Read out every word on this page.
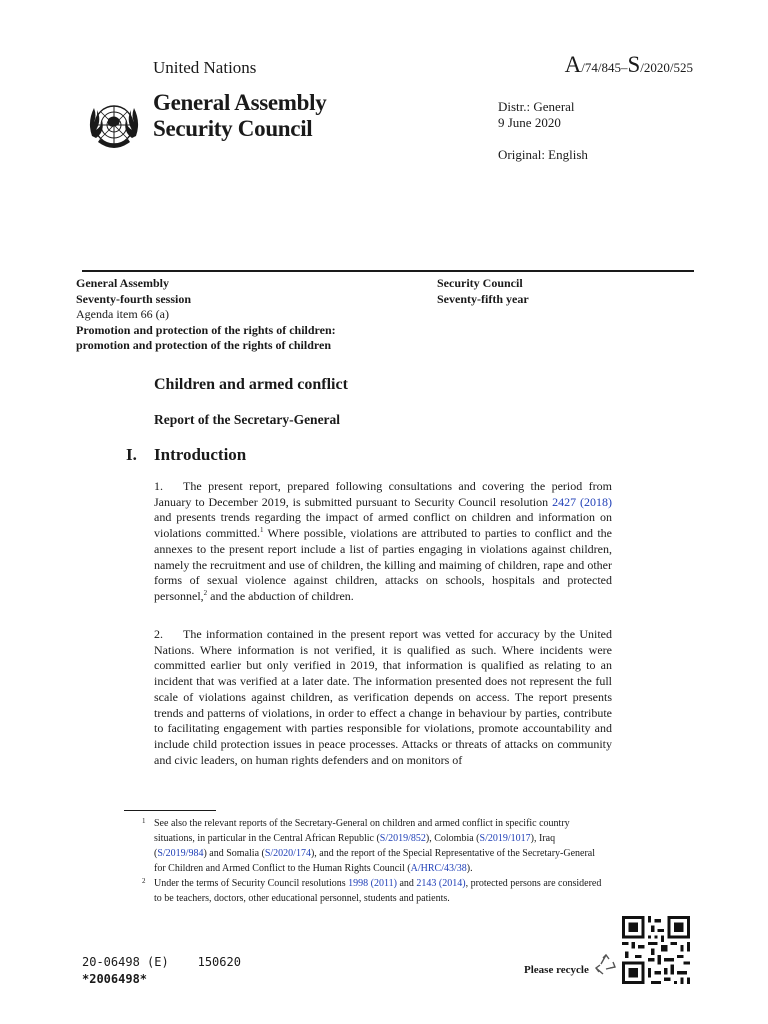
United Nations	A/74/845–S/2020/525
General Assembly
Security Council
Distr.: General
9 June 2020
Original: English
General Assembly
Seventy-fourth session
Agenda item 66 (a)
Promotion and protection of the rights of children:
promotion and protection of the rights of children
Security Council
Seventy-fifth year
Children and armed conflict
Report of the Secretary-General
I. Introduction
1. The present report, prepared following consultations and covering the period from January to December 2019, is submitted pursuant to Security Council resolution 2427 (2018) and presents trends regarding the impact of armed conflict on children and information on violations committed.$^1$ Where possible, violations are attributed to parties to conflict and the annexes to the present report include a list of parties engaging in violations against children, namely the recruitment and use of children, the killing and maiming of children, rape and other forms of sexual violence against children, attacks on schools, hospitals and protected personnel,$^2$ and the abduction of children.
2. The information contained in the present report was vetted for accuracy by the United Nations. Where information is not verified, it is qualified as such. Where incidents were committed earlier but only verified in 2019, that information is qualified as relating to an incident that was verified at a later date. The information presented does not represent the full scale of violations against children, as verification depends on access. The report presents trends and patterns of violations, in order to effect a change in behaviour by parties, contribute to facilitating engagement with parties responsible for violations, promote accountability and include child protection issues in peace processes. Attacks or threats of attacks on community and civic leaders, on human rights defenders and on monitors of
1 See also the relevant reports of the Secretary-General on children and armed conflict in specific country situations, in particular in the Central African Republic (S/2019/852), Colombia (S/2019/1017), Iraq (S/2019/984) and Somalia (S/2020/174), and the report of the Special Representative of the Secretary-General for Children and Armed Conflict to the Human Rights Council (A/HRC/43/38).
2 Under the terms of Security Council resolutions 1998 (2011) and 2143 (2014), protected persons are considered to be teachers, doctors, other educational personnel, students and patients.
20-06498 (E)    150620
*2006498*
Please recycle
